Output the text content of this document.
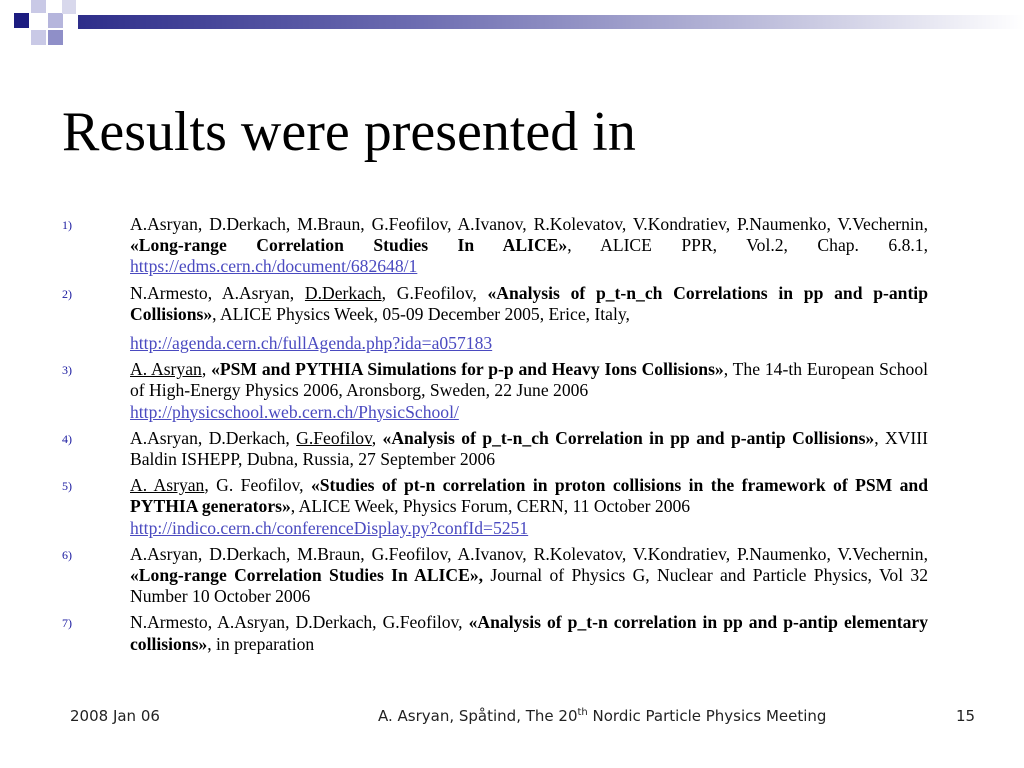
Results were presented in
1)	A.Asryan, D.Derkach, M.Braun, G.Feofilov, A.Ivanov, R.Kolevatov, V.Kondratiev, P.Naumenko, V.Vechernin, «Long-range Correlation Studies In ALICE», ALICE PPR, Vol.2, Chap. 6.8.1, https://edms.cern.ch/document/682648/1
2)	N.Armesto, A.Asryan, D.Derkach, G.Feofilov, «Analysis of p_t-n_ch Correlations in pp and p-antip Collisions», ALICE Physics Week, 05-09 December 2005, Erice, Italy,
http://agenda.cern.ch/fullAgenda.php?ida=a057183
3)	A. Asryan, «PSM and PYTHIA Simulations for p-p and Heavy Ions Collisions», The 14-th European School of High-Energy Physics 2006, Aronsborg, Sweden, 22 June 2006
http://physicschool.web.cern.ch/PhysicSchool/
4)	A.Asryan, D.Derkach, G.Feofilov, «Analysis of p_t-n_ch Correlation in pp and p-antip Collisions», XVIII Baldin ISHEPP, Dubna, Russia, 27 September 2006
5)	A. Asryan, G. Feofilov, «Studies of pt-n correlation in proton collisions in the framework of PSM and PYTHIA generators», ALICE Week, Physics Forum, CERN, 11 October 2006
http://indico.cern.ch/conferenceDisplay.py?confId=5251
6)	A.Asryan, D.Derkach, M.Braun, G.Feofilov, A.Ivanov, R.Kolevatov, V.Kondratiev, P.Naumenko, V.Vechernin, «Long-range Correlation Studies In ALICE», Journal of Physics G, Nuclear and Particle Physics, Vol 32 Number 10 October 2006
7)	N.Armesto, A.Asryan, D.Derkach, G.Feofilov, «Analysis of p_t-n correlation in pp and p-antip elementary collisions», in preparation
2008 Jan 06	A. Asryan, Spåtind, The 20th Nordic Particle Physics Meeting	15
